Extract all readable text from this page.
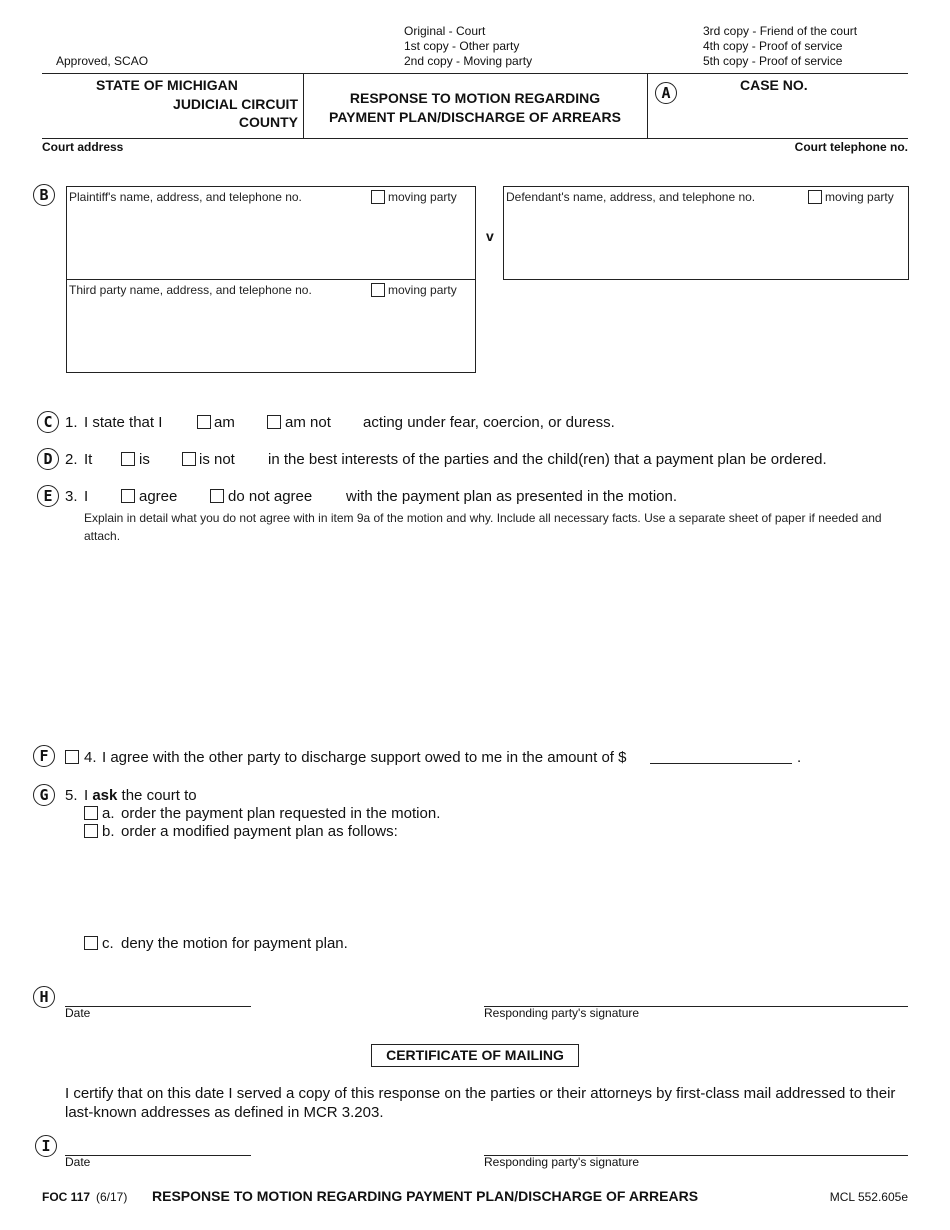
Approved, SCAO
Original - Court
1st copy - Other party
2nd copy - Moving party
3rd copy - Friend of the court
4th copy - Proof of service
5th copy - Proof of service
STATE OF MICHIGAN
JUDICIAL CIRCUIT
COUNTY
RESPONSE TO MOTION REGARDING
PAYMENT PLAN/DISCHARGE OF ARREARS
A	CASE NO.
Court address	Court telephone no.
B	Plaintiff's name, address, and telephone no.	moving party
Third party name, address, and telephone no.	moving party
v
Defendant's name, address, and telephone no.	moving party
C 1. I state that I	am	am not acting under fear, coercion, or duress.
D 2. It	is	is not in the best interests of the parties and the child(ren) that a payment plan be ordered.
E 3. I	agree	do not agree with the payment plan as presented in the motion.
Explain in detail what you do not agree with in item 9a of the motion and why. Include all necessary facts. Use a separate sheet of paper if needed and attach.
F	4. I agree with the other party to discharge support owed to me in the amount of $	.
G	5. I ask the court to
a. order the payment plan requested in the motion.
b. order a modified payment plan as follows:
c. deny the motion for payment plan.
H
Date	Responding party's signature
CERTIFICATE OF MAILING
I certify that on this date I served a copy of this response on the parties or their attorneys by first-class mail addressed to their last-known addresses as defined in MCR 3.203.
I
Date	Responding party's signature
FOC 117 (6/17) RESPONSE TO MOTION REGARDING PAYMENT PLAN/DISCHARGE OF ARREARS	MCL 552.605e
